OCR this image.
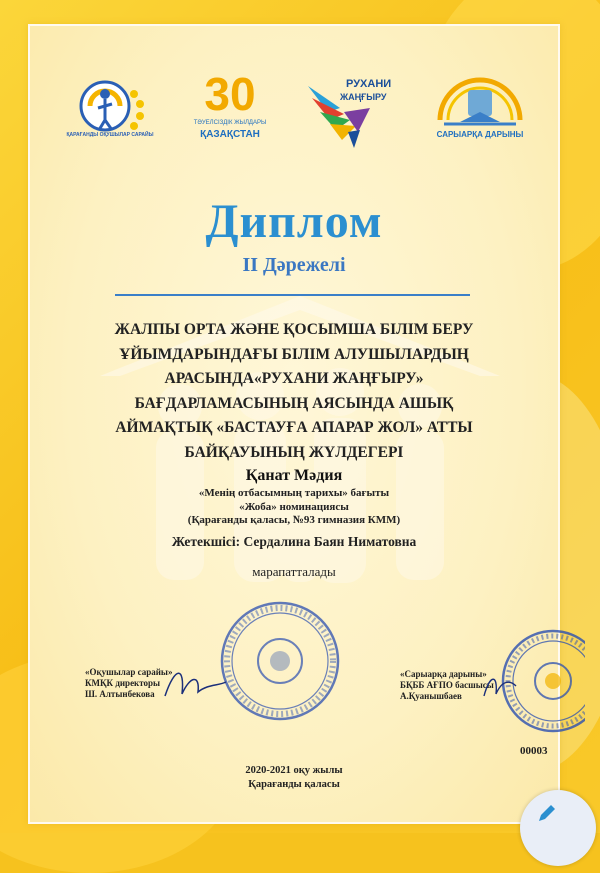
ҚАРАҒАНДЫ ОҚУШЫЛАР САРАЙЫ
30
ТӘУЕЛСІЗДІК ЖЫЛДАРЫ
ҚАЗАҚСТАН
РУХАНИ
ЖАҢҒЫРУ
САРЫАРҚА ДАРЫНЫ
Диплом
II Дәрежелі
ЖАЛПЫ ОРТА ЖӘНЕ ҚОСЫМША БІЛІМ БЕРУ
ҰЙЫМДАРЫНДАҒЫ БІЛІМ АЛУШЫЛАРДЫҢ
АРАСЫНДА«РУХАНИ ЖАҢҒЫРУ»
БАҒДАРЛАМАСЫНЫҢ АЯСЫНДА АШЫҚ
АЙМАҚТЫҚ «БАСТАУҒА АПАРАР ЖОЛ» АТТЫ
БАЙҚАУЫНЫҢ ЖҮЛДЕГЕРІ
Қанат Мәдия
«Менің отбасымның тарихы» бағыты
«Жоба» номинациясы
(Қарағанды қаласы, №93 гимназия КММ)
Жетекшісі: Сердалина Баян Ниматовна
марапатталады
«Оқушылар сарайы»
КМҚК директоры
Ш. Алтынбекова
«Сарыарқа дарыны»
БҚББ АҒПО басшысы
А.Қуанышбаев
00003
2020-2021 оқу жылы
Қарағанды қаласы
